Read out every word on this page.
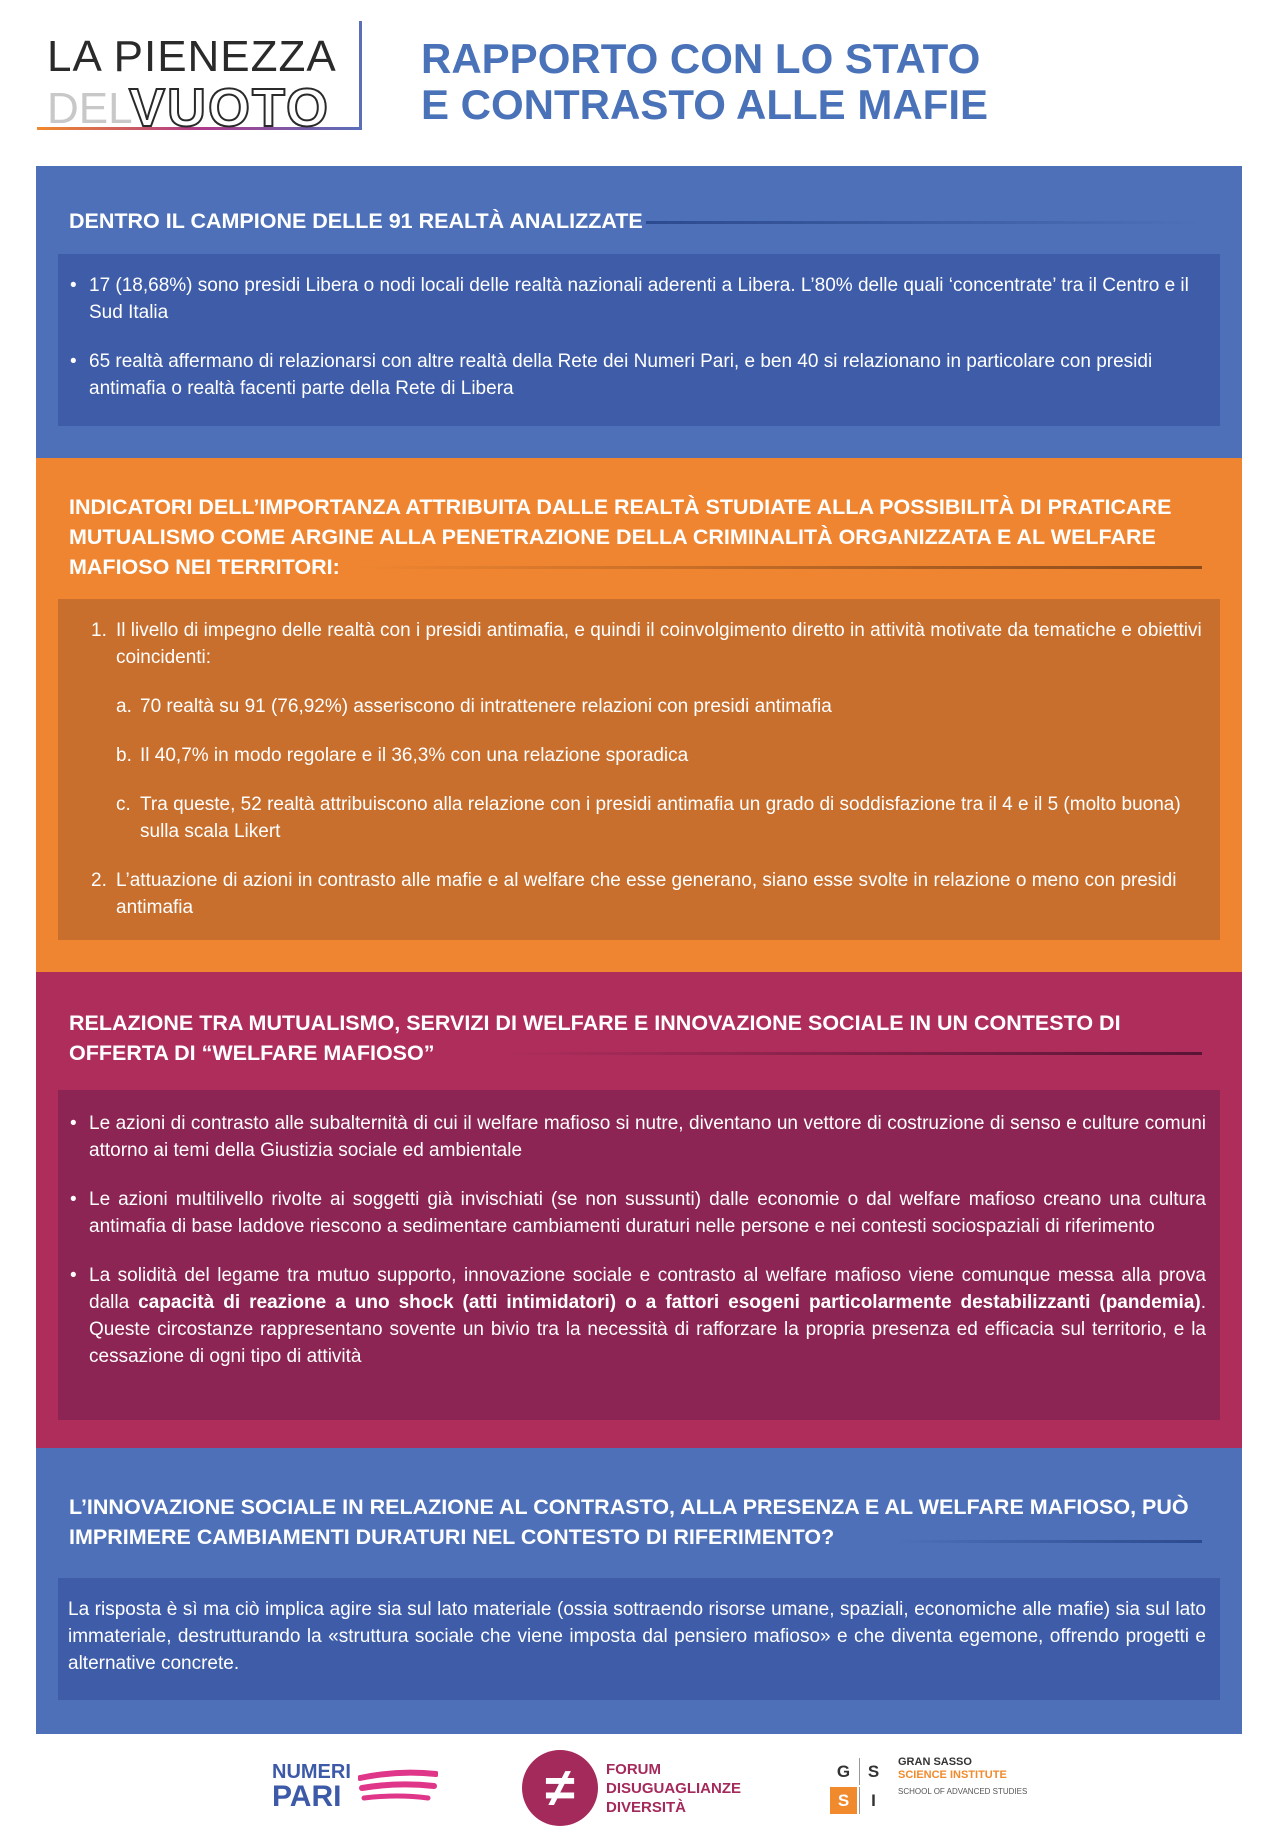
LA PIENEZZA
DEL
VUOTO
RAPPORTO CON LO STATO
E CONTRASTO ALLE MAFIE
DENTRO IL CAMPIONE DELLE 91 REALTÀ ANALIZZATE

• 17 (18,68%) sono presidi Libera o nodi locali delle realtà nazionali aderenti a Libera. L’80% delle quali ‘concentrate’ tra il Centro e il Sud Italia

• 65 realtà affermano di relazionarsi con altre realtà della Rete dei Numeri Pari, e ben 40 si relazionano in particolare con presidi antimafia o realtà facenti parte della Rete di Libera

INDICATORI DELL’IMPORTANZA ATTRIBUITA DALLE REALTÀ STUDIATE ALLA POSSIBILITÀ DI PRATICARE MUTUALISMO COME ARGINE ALLA PENETRAZIONE DELLA CRIMINALITÀ ORGANIZZATA E AL WELFARE MAFIOSO NEI TERRITORI:

1. Il livello di impegno delle realtà con i presidi antimafia, e quindi il coinvolgimento diretto in attività motivate da tematiche e obiettivi coincidenti:

a. 70 realtà su 91 (76,92%) asseriscono di intrattenere relazioni con presidi antimafia

b. Il 40,7% in modo regolare e il 36,3% con una relazione sporadica

c. Tra queste, 52 realtà attribuiscono alla relazione con i presidi antimafia un grado di soddisfazione tra il 4 e il 5 (molto buona) sulla scala Likert

2. L’attuazione di azioni in contrasto alle mafie e al welfare che esse generano, siano esse svolte in relazione o meno con presidi antimafia

RELAZIONE TRA MUTUALISMO, SERVIZI DI WELFARE E INNOVAZIONE SOCIALE IN UN CONTESTO DI OFFERTA DI “WELFARE MAFIOSO”

• Le azioni di contrasto alle subalternità di cui il welfare mafioso si nutre, diventano un vettore di costruzione di senso e culture comuni attorno ai temi della Giustizia sociale ed ambientale

• Le azioni multilivello rivolte ai soggetti già invischiati (se non sussunti) dalle economie o dal welfare mafioso creano una cultura antimafia di base laddove riescono a sedimentare cambiamenti duraturi nelle persone e nei contesti sociospaziali di riferimento

• La solidità del legame tra mutuo supporto, innovazione sociale e contrasto al welfare mafioso viene comunque messa alla prova dalla capacità di reazione a uno shock (atti intimidatori) o a fattori esogeni particolarmente destabilizzanti (pandemia). Queste circostanze rappresentano sovente un bivio tra la necessità di rafforzare la propria presenza ed efficacia sul territorio, e la cessazione di ogni tipo di attività

L’INNOVAZIONE SOCIALE IN RELAZIONE AL CONTRASTO, ALLA PRESENZA E AL WELFARE MAFIOSO, PUÒ IMPRIMERE CAMBIAMENTI DURATURI NEL CONTESTO DI RIFERIMENTO?

La risposta è sì ma ciò implica agire sia sul lato materiale (ossia sottraendo risorse umane, spaziali, economiche alle mafie) sia sul lato immateriale, destrutturando la «struttura sociale che viene imposta dal pensiero mafioso» e che diventa egemone, offrendo progetti e alternative concrete.

NUMERI
PARI	≠	FORUM
DISUGUAGLIANZE
DIVERSITÀ
G	S
S	I
GRAN SASSO
SCIENCE INSTITUTE
SCHOOL OF ADVANCED STUDIES
